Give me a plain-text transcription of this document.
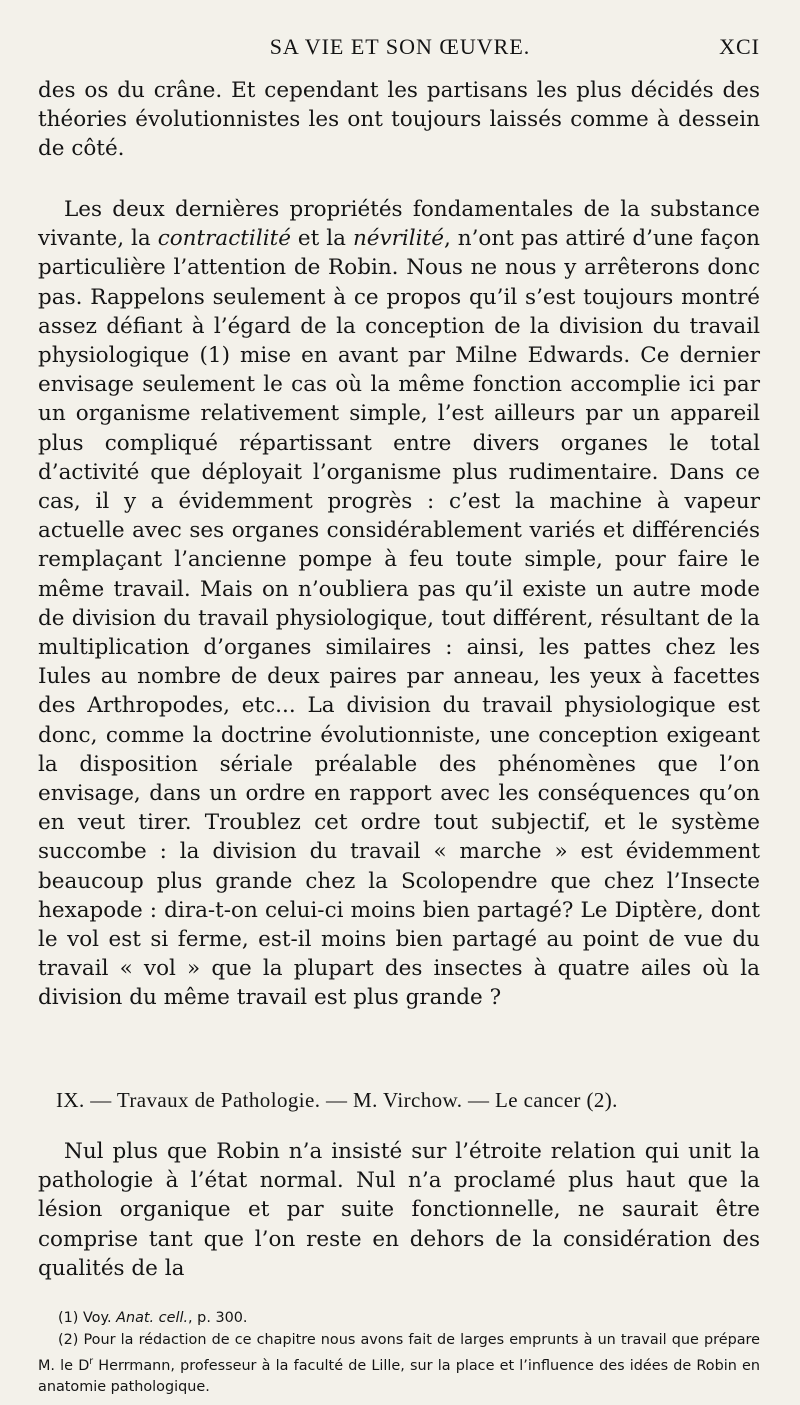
SA VIE ET SON ŒUVRE.	XCI

des os du crâne. Et cependant les partisans les plus décidés des théories évolutionnistes les ont toujours laissés comme à dessein de côté.

Les deux dernières propriétés fondamentales de la substance vivante, la contractilité et la névrilité, n’ont pas attiré d’une façon particulière l’attention de Robin. Nous ne nous y arrêterons donc pas. Rappelons seulement à ce propos qu’il s’est toujours montré assez défiant à l’égard de la conception de la division du travail physiologique (1) mise en avant par Milne Edwards. Ce dernier envisage seulement le cas où la même fonction accomplie ici par un organisme relativement simple, l’est ailleurs par un appareil plus compliqué répartissant entre divers organes le total d’activité que déployait l’organisme plus rudimentaire. Dans ce cas, il y a évidemment progrès : c’est la machine à vapeur actuelle avec ses organes considérablement variés et différenciés remplaçant l’ancienne pompe à feu toute simple, pour faire le même travail. Mais on n’oubliera pas qu’il existe un autre mode de division du travail physiologique, tout différent, résultant de la multiplication d’organes similaires : ainsi, les pattes chez les Iules au nombre de deux paires par anneau, les yeux à facettes des Arthropodes, etc... La division du travail physiologique est donc, comme la doctrine évolutionniste, une conception exigeant la disposition sériale préalable des phénomènes que l’on envisage, dans un ordre en rapport avec les conséquences qu’on en veut tirer. Troublez cet ordre tout subjectif, et le système succombe : la division du travail « marche » est évidemment beaucoup plus grande chez la Scolopendre que chez l’Insecte hexapode : dira-t-on celui-ci moins bien partagé? Le Diptère, dont le vol est si ferme, est-il moins bien partagé au point de vue du travail « vol » que la plupart des insectes à quatre ailes où la division du même travail est plus grande ?

IX. — Travaux de Pathologie. — M. Virchow. — Le cancer (2).

Nul plus que Robin n’a insisté sur l’étroite relation qui unit la pathologie à l’état normal. Nul n’a proclamé plus haut que la lésion organique et par suite fonctionnelle, ne saurait être comprise tant que l’on reste en dehors de la considération des qualités de la

(1) Voy. Anat. cell., p. 300.

(2) Pour la rédaction de ce chapitre nous avons fait de larges emprunts à un travail que prépare M. le $D^r$ Herrmann, professeur à la faculté de Lille, sur la place et l’influence des idées de Robin en anatomie pathologique.
